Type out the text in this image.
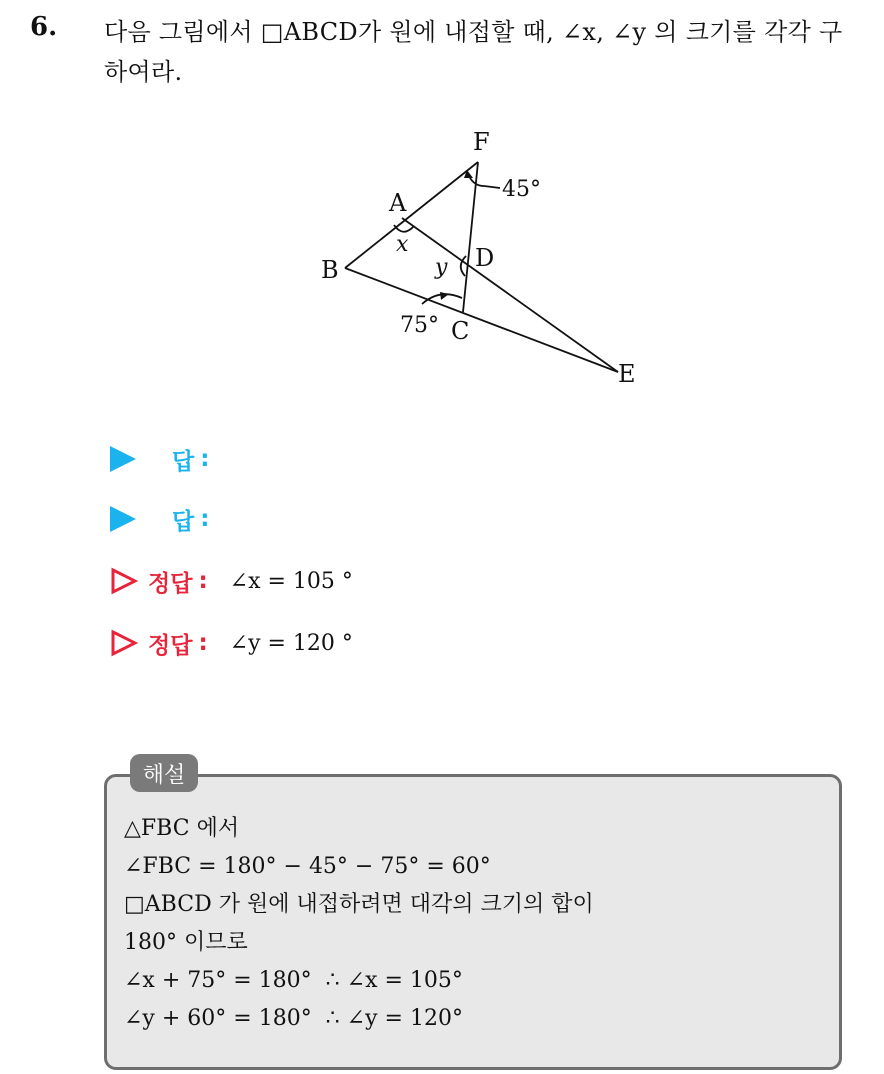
6. 다음 그림에서 □ABCD가 원에 내접할 때, ∠x, ∠y 의 크기를 각각 구
하여라.
F
A
B	D
C
E
45°
75°
x
y
답 :
답 :
정답 : ∠x = 105 °
정답 : ∠y = 120 °
해설
△FBC 에서
∠FBC = 180° − 45° − 75° = 60°
□ABCD 가 원에 내접하려면 대각의 크기의 합이
180° 이므로
∠x + 75° = 180°  ∴ ∠x = 105°
∠y + 60° = 180°  ∴ ∠y = 120°
